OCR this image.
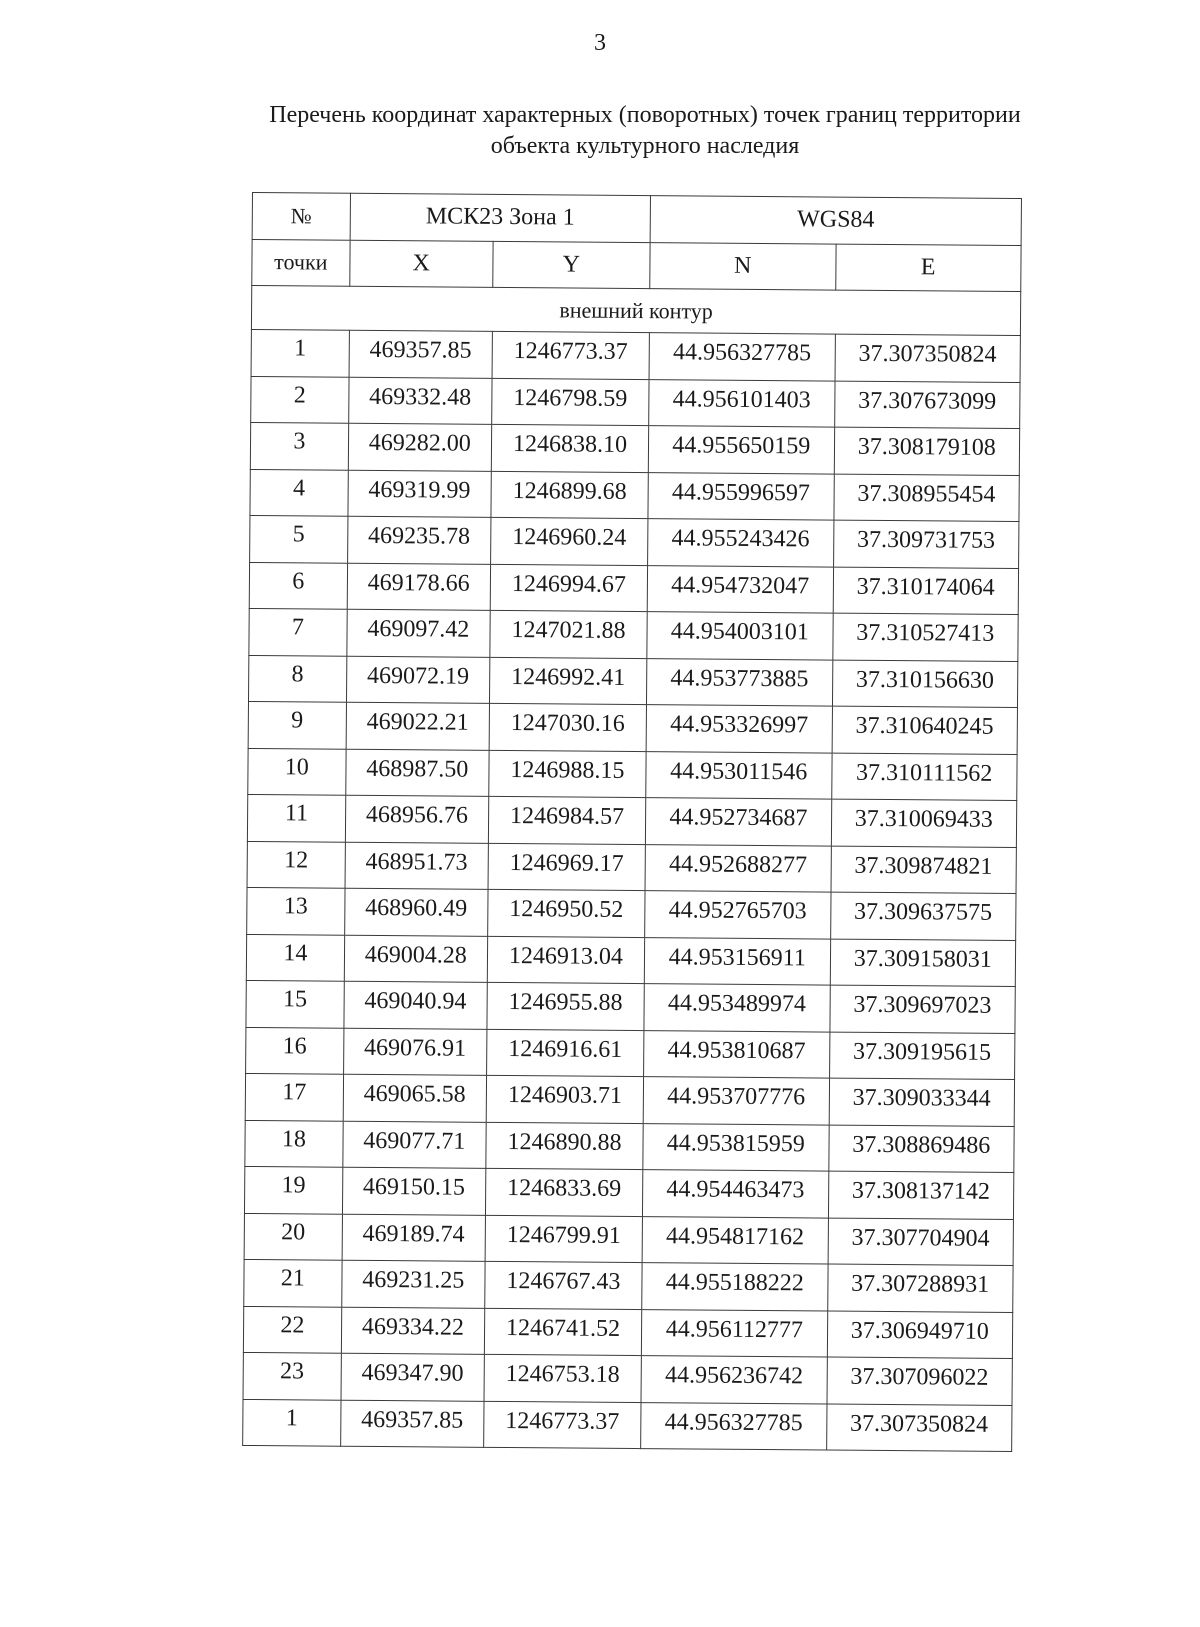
3
Перечень координат характерных (поворотных) точек границ территории
объекта культурного наследия
№	МСК23 Зона 1		WGS84	
точки	X	Y	N	E
внешний контур				
1	469357.85	1246773.37	44.956327785	37.307350824
2	469332.48	1246798.59	44.956101403	37.307673099
3	469282.00	1246838.10	44.955650159	37.308179108
4	469319.99	1246899.68	44.955996597	37.308955454
5	469235.78	1246960.24	44.955243426	37.309731753
6	469178.66	1246994.67	44.954732047	37.310174064
7	469097.42	1247021.88	44.954003101	37.310527413
8	469072.19	1246992.41	44.953773885	37.310156630
9	469022.21	1247030.16	44.953326997	37.310640245
10	468987.50	1246988.15	44.953011546	37.310111562
11	468956.76	1246984.57	44.952734687	37.310069433
12	468951.73	1246969.17	44.952688277	37.309874821
13	468960.49	1246950.52	44.952765703	37.309637575
14	469004.28	1246913.04	44.953156911	37.309158031
15	469040.94	1246955.88	44.953489974	37.309697023
16	469076.91	1246916.61	44.953810687	37.309195615
17	469065.58	1246903.71	44.953707776	37.309033344
18	469077.71	1246890.88	44.953815959	37.308869486
19	469150.15	1246833.69	44.954463473	37.308137142
20	469189.74	1246799.91	44.954817162	37.307704904
21	469231.25	1246767.43	44.955188222	37.307288931
22	469334.22	1246741.52	44.956112777	37.306949710
23	469347.90	1246753.18	44.956236742	37.307096022
1	469357.85	1246773.37	44.956327785	37.307350824
